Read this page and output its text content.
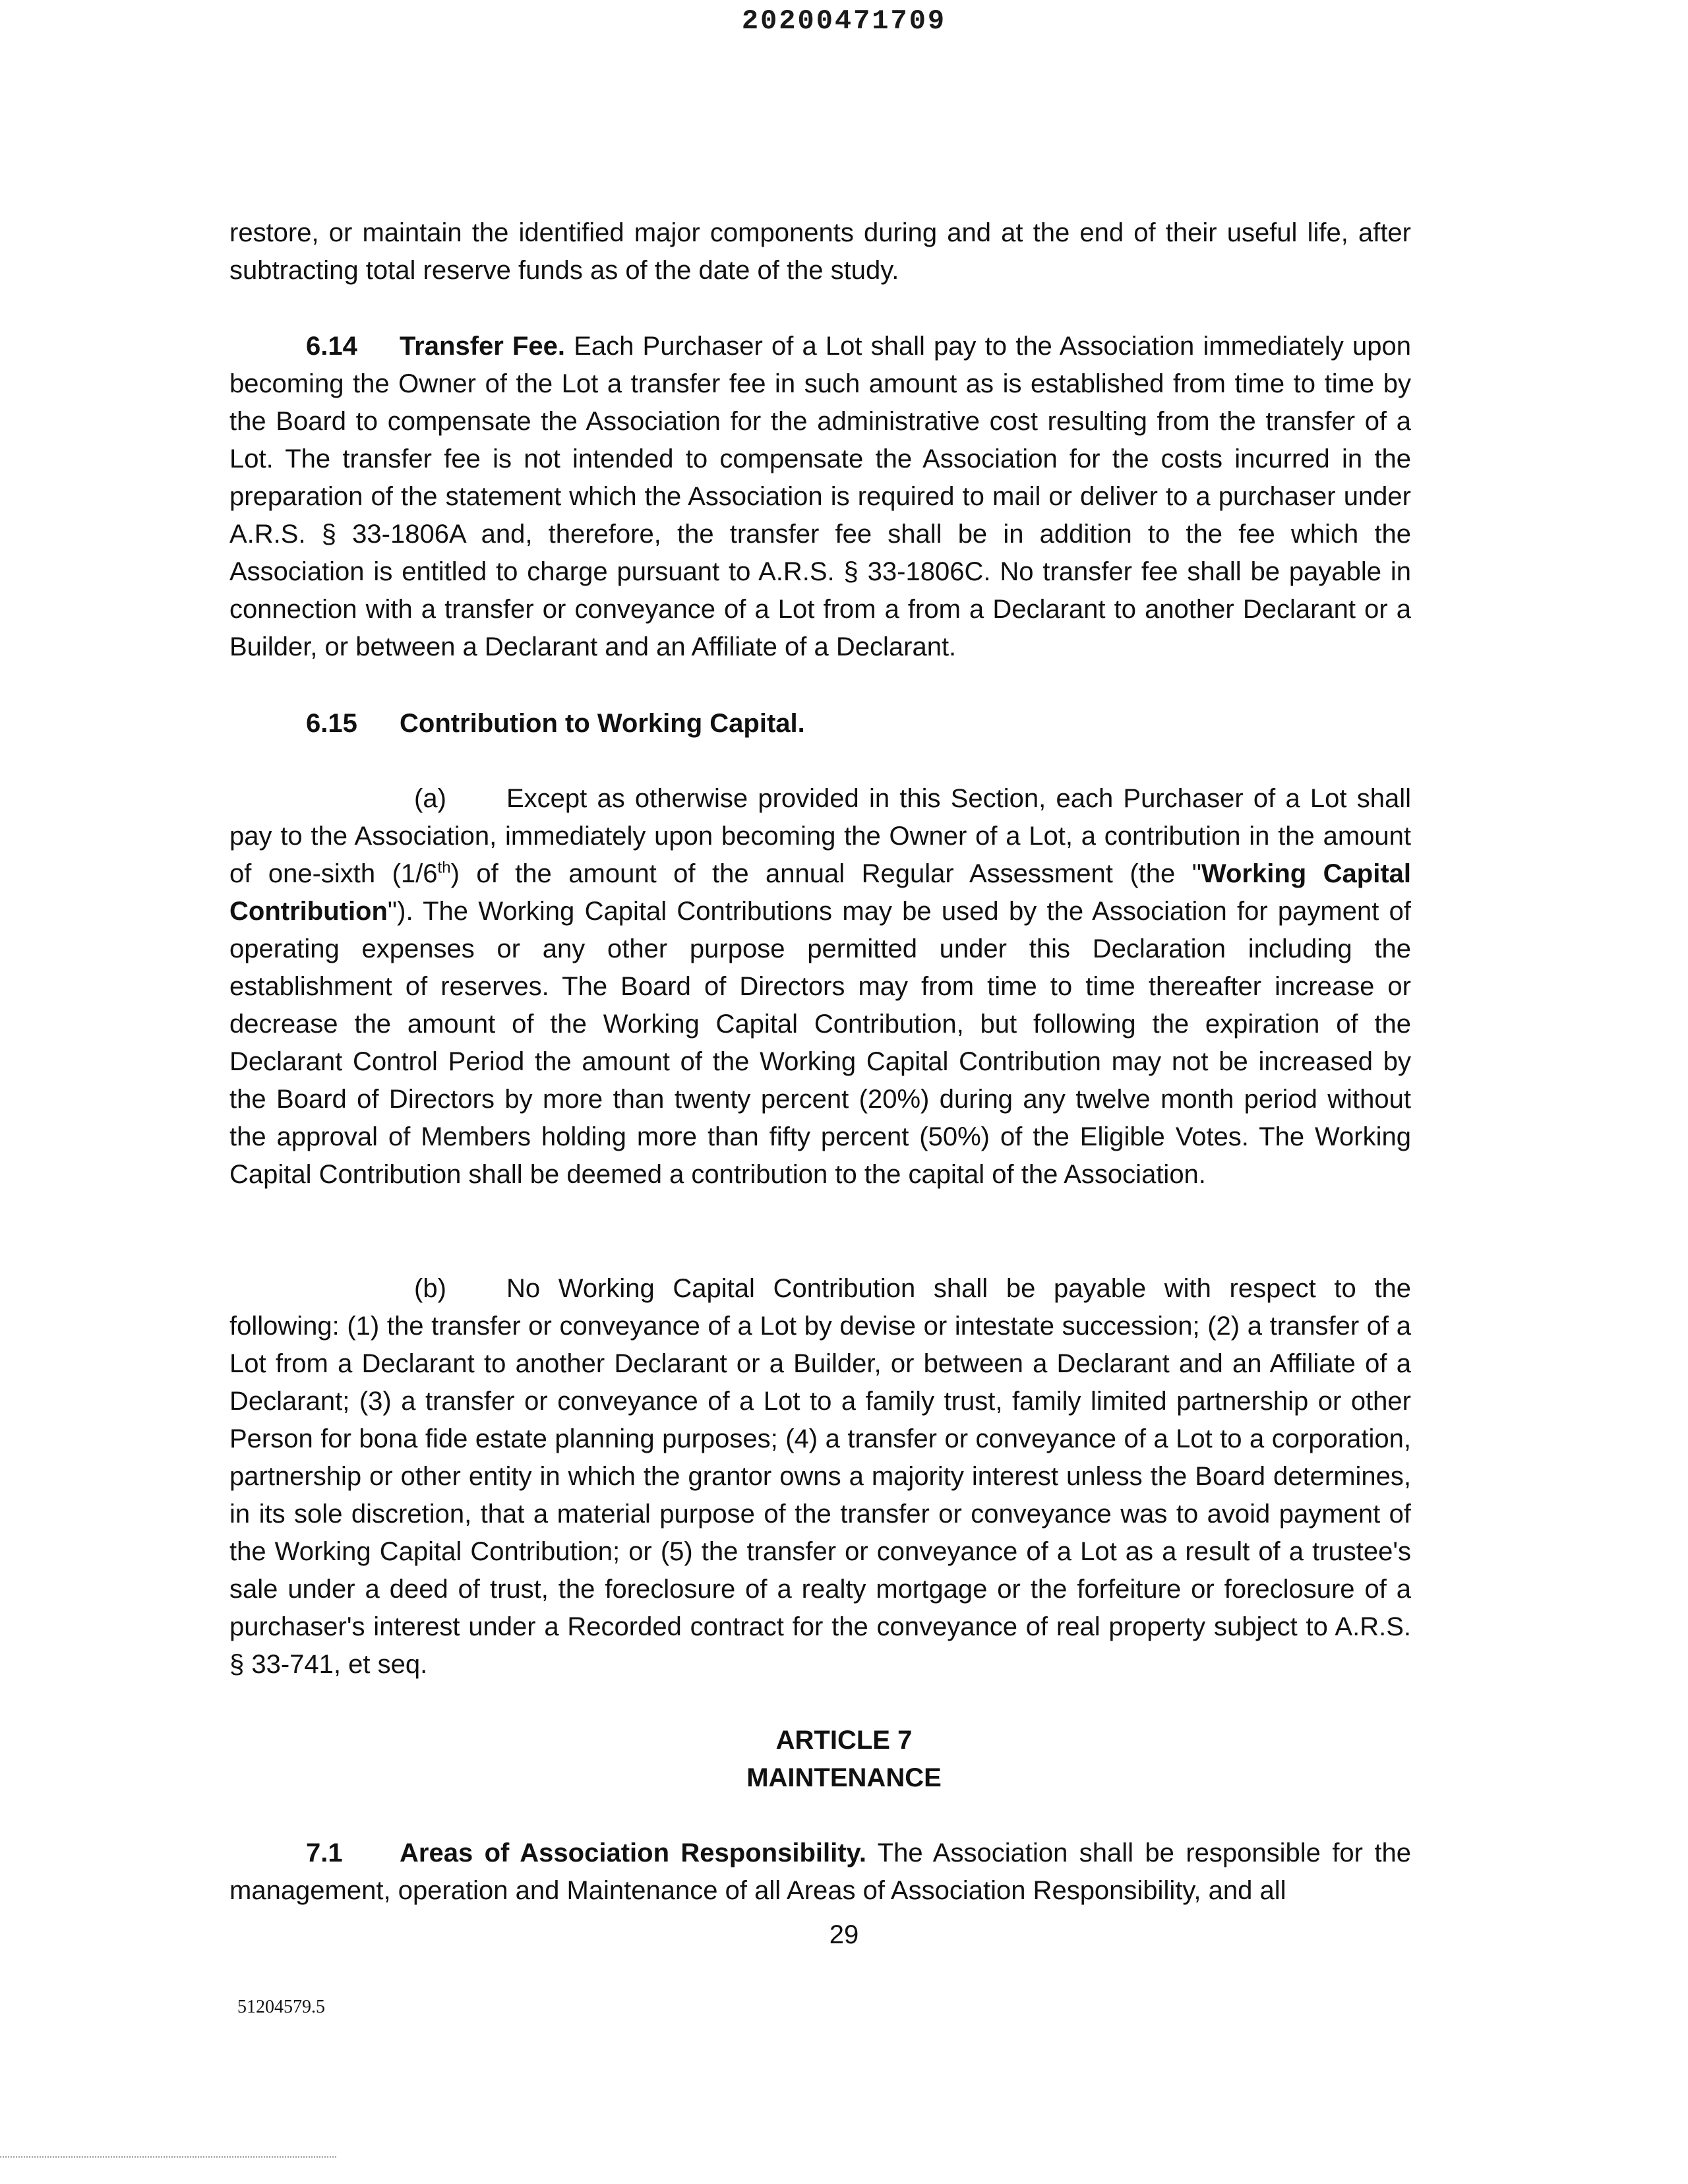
20200471709

restore, or maintain the identified major components during and at the end of their useful life, after subtracting total reserve funds as of the date of the study.

6.14 Transfer Fee. Each Purchaser of a Lot shall pay to the Association immediately upon becoming the Owner of the Lot a transfer fee in such amount as is established from time to time by the Board to compensate the Association for the administrative cost resulting from the transfer of a Lot. The transfer fee is not intended to compensate the Association for the costs incurred in the preparation of the statement which the Association is required to mail or deliver to a purchaser under A.R.S. § 33-1806A and, therefore, the transfer fee shall be in addition to the fee which the Association is entitled to charge pursuant to A.R.S. § 33-1806C. No transfer fee shall be payable in connection with a transfer or conveyance of a Lot from a from a Declarant to another Declarant or a Builder, or between a Declarant and an Affiliate of a Declarant.

6.15 Contribution to Working Capital.

(a) Except as otherwise provided in this Section, each Purchaser of a Lot shall pay to the Association, immediately upon becoming the Owner of a Lot, a contribution in the amount of one-sixth (1/6th) of the amount of the annual Regular Assessment (the "Working Capital Contribution"). The Working Capital Contributions may be used by the Association for payment of operating expenses or any other purpose permitted under this Declaration including the establishment of reserves. The Board of Directors may from time to time thereafter increase or decrease the amount of the Working Capital Contribution, but following the expiration of the Declarant Control Period the amount of the Working Capital Contribution may not be increased by the Board of Directors by more than twenty percent (20%) during any twelve month period without the approval of Members holding more than fifty percent (50%) of the Eligible Votes. The Working Capital Contribution shall be deemed a contribution to the capital of the Association.

(b) No Working Capital Contribution shall be payable with respect to the following: (1) the transfer or conveyance of a Lot by devise or intestate succession; (2) a transfer of a Lot from a Declarant to another Declarant or a Builder, or between a Declarant and an Affiliate of a Declarant; (3) a transfer or conveyance of a Lot to a family trust, family limited partnership or other Person for bona fide estate planning purposes; (4) a transfer or conveyance of a Lot to a corporation, partnership or other entity in which the grantor owns a majority interest unless the Board determines, in its sole discretion, that a material purpose of the transfer or conveyance was to avoid payment of the Working Capital Contribution; or (5) the transfer or conveyance of a Lot as a result of a trustee's sale under a deed of trust, the foreclosure of a realty mortgage or the forfeiture or foreclosure of a purchaser's interest under a Recorded contract for the conveyance of real property subject to A.R.S. § 33-741, et seq.

ARTICLE 7
MAINTENANCE

7.1 Areas of Association Responsibility. The Association shall be responsible for the management, operation and Maintenance of all Areas of Association Responsibility, and all

29
51204579.5
